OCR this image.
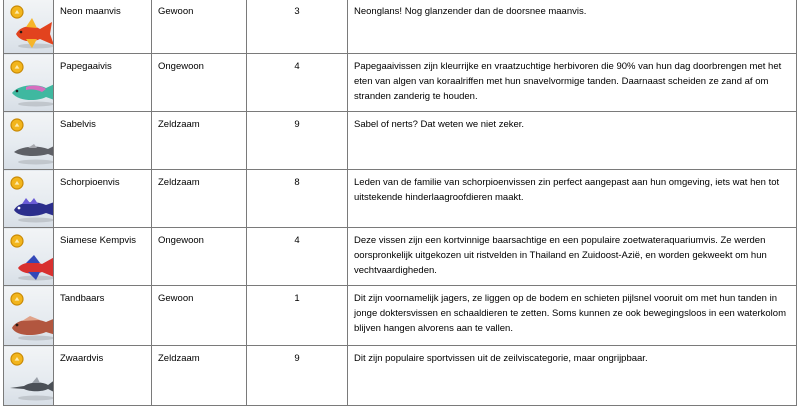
	Neon maanvis	Gewoon	3	Neonglans! Nog glanzender dan de doorsnee maanvis.

	Papegaaivis	Ongewoon	4	Papegaaivissen zijn kleurrijke en vraatzuchtige herbivoren die 90% van hun dag doorbrengen met het eten van algen van koraalriffen met hun snavelvormige tanden. Daarnaast scheiden ze zand af om stranden zanderig te houden.

	Sabelvis	Zeldzaam	9	Sabel of nerts? Dat weten we niet zeker.

	Schorpioenvis	Zeldzaam	8	Leden van de familie van schorpioenvissen zin perfect aangepast aan hun omgeving, iets wat hen tot uitstekende hinderlaagroofdieren maakt.

	Siamese Kempvis	Ongewoon	4	Deze vissen zijn een kortvinnige baarsachtige en een populaire zoetwateraquariumvis. Ze werden oorspronkelijk uitgekozen uit ristvelden in Thailand en Zuidoost-Azië, en worden gekweekt om hun vechtvaardigheden.

	Tandbaars	Gewoon	1	Dit zijn voornamelijk jagers, ze liggen op de bodem en schieten pijlsnel vooruit om met hun tanden in jonge doktersvissen en schaaldieren te zetten. Soms kunnen ze ook bewegingsloos in een waterkolom blijven hangen alvorens aan te vallen.

	Zwaardvis	Zeldzaam	9	Dit zijn populaire sportvissen uit de zeilviscategorie, maar ongrijpbaar.
